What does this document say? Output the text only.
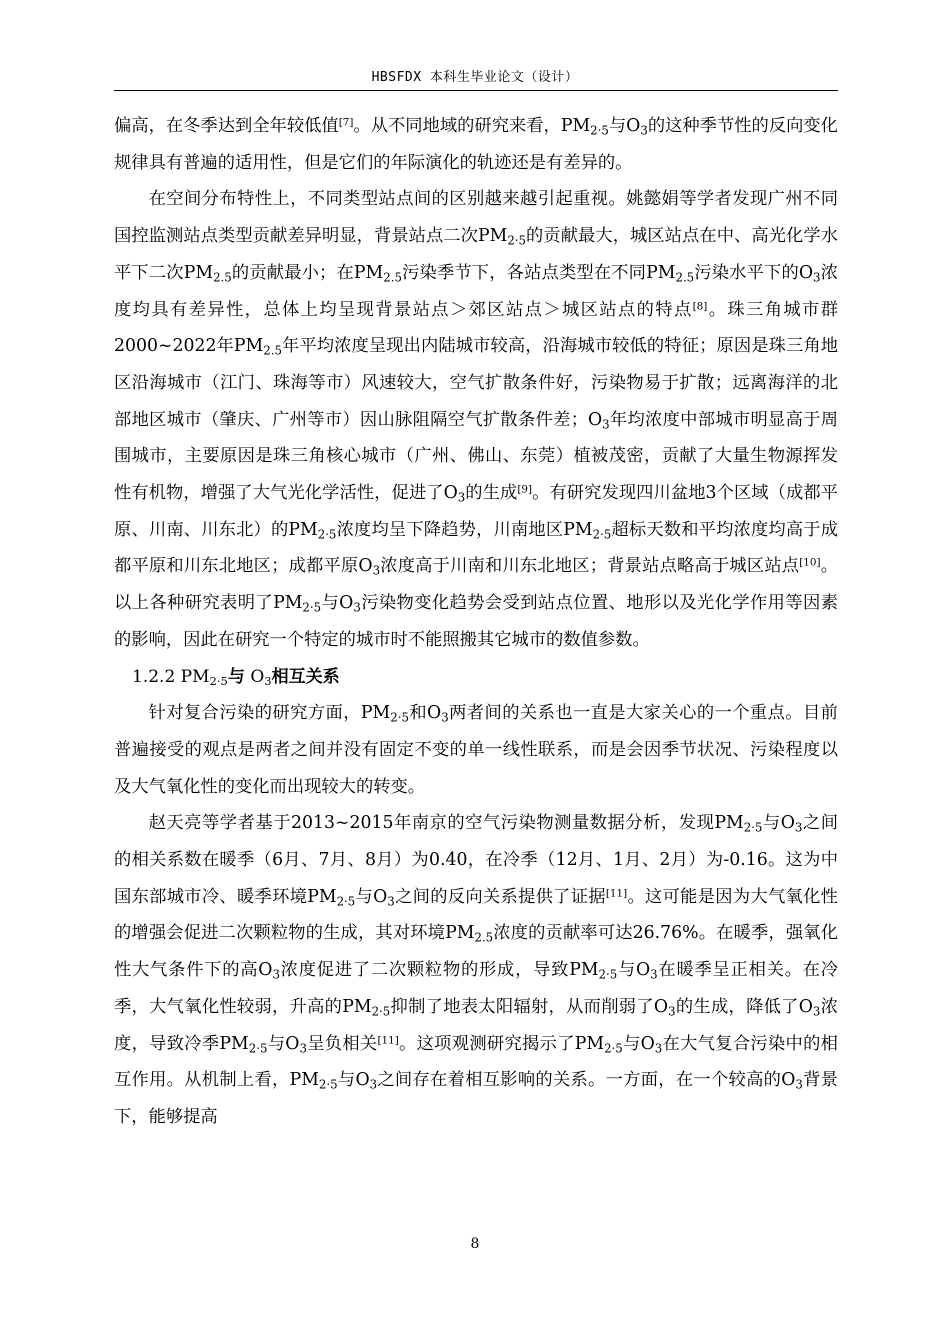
HBSFDX 本科生毕业论文（设计）

偏高，在冬季达到全年较低值[7]。从不同地域的研究来看，$PM_{2\cdot 5}$与$O_3$的这种季节性的反向变化规律具有普遍的适用性，但是它们的年际演化的轨迹还是有差异的。

在空间分布特性上，不同类型站点间的区别越来越引起重视。姚懿娟等学者发现广州不同国控监测站点类型贡献差异明显，背景站点二次$PM_{2\cdot 5}$的贡献最大，城区站点在中、高光化学水平下二次$PM_{2.5}$的贡献最小；在$PM_{2.5}$污染季节下，各站点类型在不同$PM_{2.5}$污染水平下的$O_3$浓度均具有差异性，总体上均呈现背景站点＞郊区站点＞城区站点的特点[8]。珠三角城市群2000~2022年$PM_{2.5}$年平均浓度呈现出内陆城市较高，沿海城市较低的特征；原因是珠三角地区沿海城市（江门、珠海等市）风速较大，空气扩散条件好，污染物易于扩散；远离海洋的北部地区城市（肇庆、广州等市）因山脉阻隔空气扩散条件差；$O_3$年均浓度中部城市明显高于周围城市，主要原因是珠三角核心城市（广州、佛山、东莞）植被茂密，贡献了大量生物源挥发性有机物，增强了大气光化学活性，促进了$O_3$的生成[9]。有研究发现四川盆地3个区域（成都平原、川南、川东北）的$PM_{2\cdot 5}$浓度均呈下降趋势，川南地区$PM_{2\cdot 5}$超标天数和平均浓度均高于成都平原和川东北地区；成都平原$O_3$浓度高于川南和川东北地区；背景站点略高于城区站点[10]。以上各种研究表明了$PM_{2\cdot 5}$与$O_3$污染物变化趋势会受到站点位置、地形以及光化学作用等因素的影响，因此在研究一个特定的城市时不能照搬其它城市的数值参数。

1.2.2 $PM_{2\cdot 5}$与 $O_3$相互关系

针对复合污染的研究方面，$PM_{2\cdot 5}$和$O_3$两者间的关系也一直是大家关心的一个重点。目前普遍接受的观点是两者之间并没有固定不变的单一线性联系，而是会因季节状况、污染程度以及大气氧化性的变化而出现较大的转变。

赵天亮等学者基于2013~2015年南京的空气污染物测量数据分析，发现$PM_{2\cdot 5}$与$O_3$之间的相关系数在暖季（6月、7月、8月）为0.40，在冷季（12月、1月、2月）为-0.16。这为中国东部城市冷、暖季环境$PM_{2\cdot 5}$与$O_3$之间的反向关系提供了证据[11]。这可能是因为大气氧化性的增强会促进二次颗粒物的生成，其对环境$PM_{2.5}$浓度的贡献率可达26.76%。在暖季，强氧化性大气条件下的高$O_3$浓度促进了二次颗粒物的形成，导致$PM_{2\cdot 5}$与$O_3$在暖季呈正相关。在冷季，大气氧化性较弱，升高的$PM_{2\cdot 5}$抑制了地表太阳辐射，从而削弱了$O_3$的生成，降低了$O_3$浓度，导致冷季$PM_{2\cdot 5}$与$O_3$呈负相关[11]。这项观测研究揭示了$PM_{2\cdot 5}$与$O_3$在大气复合污染中的相互作用。从机制上看，$PM_{2\cdot 5}$与$O_3$之间存在着相互影响的关系。一方面，在一个较高的$O_3$背景下，能够提高

8
